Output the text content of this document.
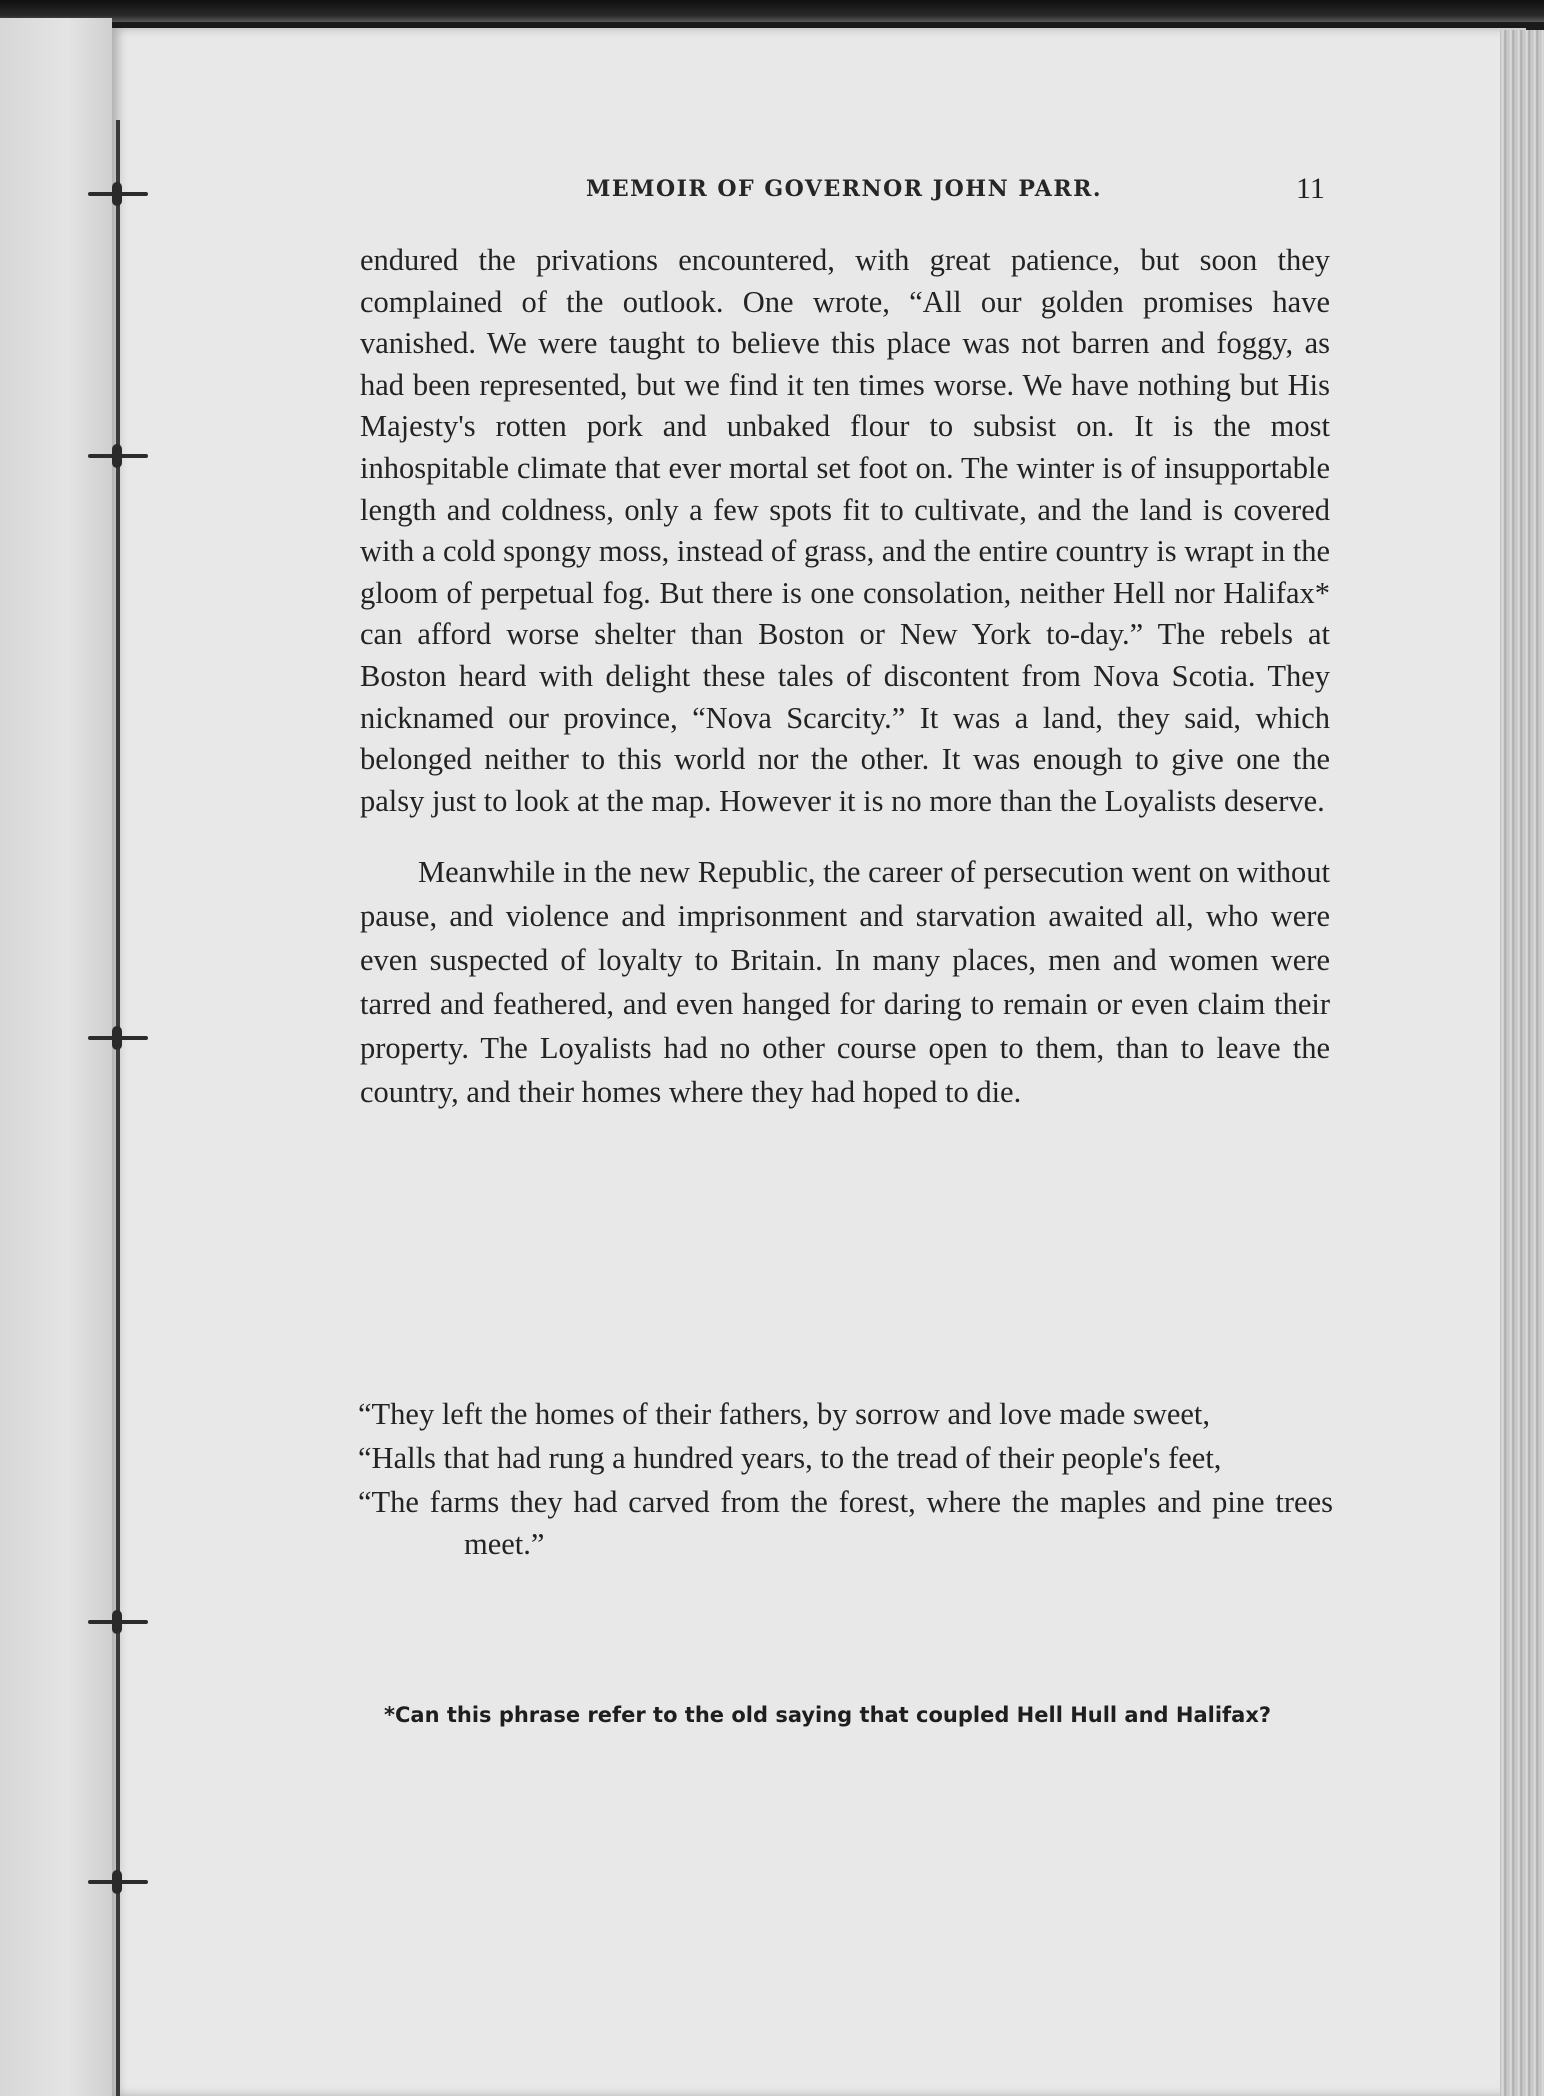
MEMOIR OF GOVERNOR JOHN PARR.	11

endured the privations encountered, with great patience, but soon they complained of the outlook. One wrote, “All our golden promises have vanished. We were taught to believe this place was not barren and foggy, as had been represented, but we find it ten times worse. We have nothing but His Majesty's rotten pork and unbaked flour to subsist on. It is the most inhospitable climate that ever mortal set foot on. The winter is of insupportable length and coldness, only a few spots fit to cultivate, and the land is covered with a cold spongy moss, instead of grass, and the entire country is wrapt in the gloom of perpetual fog. But there is one consolation, neither Hell nor Halifax* can afford worse shelter than Boston or New York to-day.” The rebels at Boston heard with delight these tales of discontent from Nova Scotia. They nicknamed our province, “Nova Scarcity.” It was a land, they said, which belonged neither to this world nor the other. It was enough to give one the palsy just to look at the map. However it is no more than the Loyalists deserve.

Meanwhile in the new Republic, the career of persecution went on without pause, and violence and imprisonment and starvation awaited all, who were even suspected of loyalty to Britain. In many places, men and women were tarred and feathered, and even hanged for daring to remain or even claim their property. The Loyalists had no other course open to them, than to leave the country, and their homes where they had hoped to die.

“They left the homes of their fathers, by sorrow and love made sweet,

“Halls that had rung a hundred years, to the tread of their people's feet,

“The farms they had carved from the forest, where the maples and pine trees meet.”

*Can this phrase refer to the old saying that coupled Hell Hull and Halifax?
